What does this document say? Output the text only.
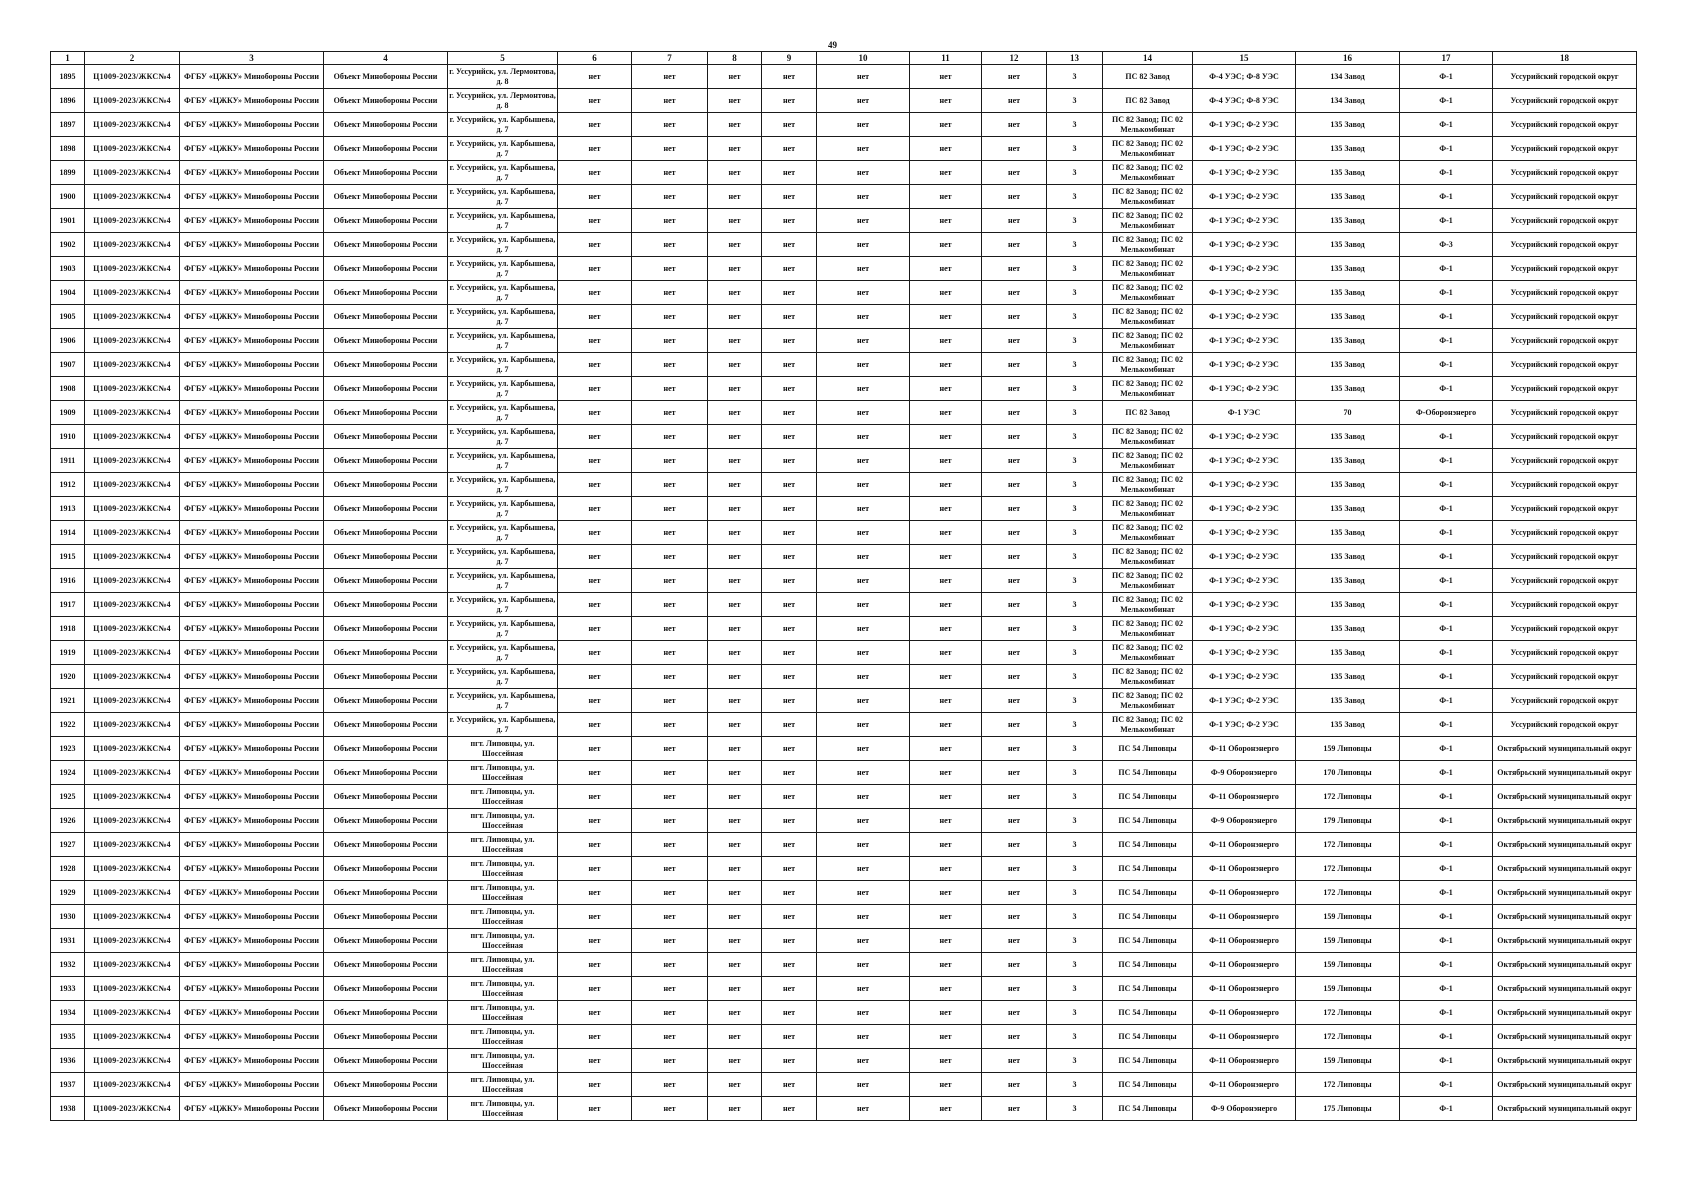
49
1	2	3	4	5	6	7	8	9	10	11	12	13	14	15	16	17	18
1895	Ц1009-2023/ЖКС№4	ФГБУ «ЦЖКУ» Минобороны России	Объект Минобороны России	г. Уссурийск, ул. Лермонтова, д. 8	нет	нет	нет	нет	нет	нет	нет	3	ПС 82 Завод	Ф-4 УЭС; Ф-8 УЭС	134 Завод	Ф-1	Уссурийский городской округ
1896	Ц1009-2023/ЖКС№4	ФГБУ «ЦЖКУ» Минобороны России	Объект Минобороны России	г. Уссурийск, ул. Лермонтова, д. 8	нет	нет	нет	нет	нет	нет	нет	3	ПС 82 Завод	Ф-4 УЭС; Ф-8 УЭС	134 Завод	Ф-1	Уссурийский городской округ
1897	Ц1009-2023/ЖКС№4	ФГБУ «ЦЖКУ» Минобороны России	Объект Минобороны России	г. Уссурийск, ул. Карбышева, д. 7	нет	нет	нет	нет	нет	нет	нет	3	ПС 82 Завод; ПС 02 Мелькомбинат	Ф-1 УЭС; Ф-2 УЭС	135 Завод	Ф-1	Уссурийский городской округ
1898	Ц1009-2023/ЖКС№4	ФГБУ «ЦЖКУ» Минобороны России	Объект Минобороны России	г. Уссурийск, ул. Карбышева, д. 7	нет	нет	нет	нет	нет	нет	нет	3	ПС 82 Завод; ПС 02 Мелькомбинат	Ф-1 УЭС; Ф-2 УЭС	135 Завод	Ф-1	Уссурийский городской округ
1899	Ц1009-2023/ЖКС№4	ФГБУ «ЦЖКУ» Минобороны России	Объект Минобороны России	г. Уссурийск, ул. Карбышева, д. 7	нет	нет	нет	нет	нет	нет	нет	3	ПС 82 Завод; ПС 02 Мелькомбинат	Ф-1 УЭС; Ф-2 УЭС	135 Завод	Ф-1	Уссурийский городской округ
1900	Ц1009-2023/ЖКС№4	ФГБУ «ЦЖКУ» Минобороны России	Объект Минобороны России	г. Уссурийск, ул. Карбышева, д. 7	нет	нет	нет	нет	нет	нет	нет	3	ПС 82 Завод; ПС 02 Мелькомбинат	Ф-1 УЭС; Ф-2 УЭС	135 Завод	Ф-1	Уссурийский городской округ
1901	Ц1009-2023/ЖКС№4	ФГБУ «ЦЖКУ» Минобороны России	Объект Минобороны России	г. Уссурийск, ул. Карбышева, д. 7	нет	нет	нет	нет	нет	нет	нет	3	ПС 82 Завод; ПС 02 Мелькомбинат	Ф-1 УЭС; Ф-2 УЭС	135 Завод	Ф-1	Уссурийский городской округ
1902	Ц1009-2023/ЖКС№4	ФГБУ «ЦЖКУ» Минобороны России	Объект Минобороны России	г. Уссурийск, ул. Карбышева, д. 7	нет	нет	нет	нет	нет	нет	нет	3	ПС 82 Завод; ПС 02 Мелькомбинат	Ф-1 УЭС; Ф-2 УЭС	135 Завод	Ф-3	Уссурийский городской округ
1903	Ц1009-2023/ЖКС№4	ФГБУ «ЦЖКУ» Минобороны России	Объект Минобороны России	г. Уссурийск, ул. Карбышева, д. 7	нет	нет	нет	нет	нет	нет	нет	3	ПС 82 Завод; ПС 02 Мелькомбинат	Ф-1 УЭС; Ф-2 УЭС	135 Завод	Ф-1	Уссурийский городской округ
1904	Ц1009-2023/ЖКС№4	ФГБУ «ЦЖКУ» Минобороны России	Объект Минобороны России	г. Уссурийск, ул. Карбышева, д. 7	нет	нет	нет	нет	нет	нет	нет	3	ПС 82 Завод; ПС 02 Мелькомбинат	Ф-1 УЭС; Ф-2 УЭС	135 Завод	Ф-1	Уссурийский городской округ
1905	Ц1009-2023/ЖКС№4	ФГБУ «ЦЖКУ» Минобороны России	Объект Минобороны России	г. Уссурийск, ул. Карбышева, д. 7	нет	нет	нет	нет	нет	нет	нет	3	ПС 82 Завод; ПС 02 Мелькомбинат	Ф-1 УЭС; Ф-2 УЭС	135 Завод	Ф-1	Уссурийский городской округ
1906	Ц1009-2023/ЖКС№4	ФГБУ «ЦЖКУ» Минобороны России	Объект Минобороны России	г. Уссурийск, ул. Карбышева, д. 7	нет	нет	нет	нет	нет	нет	нет	3	ПС 82 Завод; ПС 02 Мелькомбинат	Ф-1 УЭС; Ф-2 УЭС	135 Завод	Ф-1	Уссурийский городской округ
1907	Ц1009-2023/ЖКС№4	ФГБУ «ЦЖКУ» Минобороны России	Объект Минобороны России	г. Уссурийск, ул. Карбышева, д. 7	нет	нет	нет	нет	нет	нет	нет	3	ПС 82 Завод; ПС 02 Мелькомбинат	Ф-1 УЭС; Ф-2 УЭС	135 Завод	Ф-1	Уссурийский городской округ
1908	Ц1009-2023/ЖКС№4	ФГБУ «ЦЖКУ» Минобороны России	Объект Минобороны России	г. Уссурийск, ул. Карбышева, д. 7	нет	нет	нет	нет	нет	нет	нет	3	ПС 82 Завод; ПС 02 Мелькомбинат	Ф-1 УЭС; Ф-2 УЭС	135 Завод	Ф-1	Уссурийский городской округ
1909	Ц1009-2023/ЖКС№4	ФГБУ «ЦЖКУ» Минобороны России	Объект Минобороны России	г. Уссурийск, ул. Карбышева, д. 7	нет	нет	нет	нет	нет	нет	нет	3	ПС 82 Завод	Ф-1 УЭС	70	Ф-Оборонэнерго	Уссурийский городской округ
1910	Ц1009-2023/ЖКС№4	ФГБУ «ЦЖКУ» Минобороны России	Объект Минобороны России	г. Уссурийск, ул. Карбышева, д. 7	нет	нет	нет	нет	нет	нет	нет	3	ПС 82 Завод; ПС 02 Мелькомбинат	Ф-1 УЭС; Ф-2 УЭС	135 Завод	Ф-1	Уссурийский городской округ
1911	Ц1009-2023/ЖКС№4	ФГБУ «ЦЖКУ» Минобороны России	Объект Минобороны России	г. Уссурийск, ул. Карбышева, д. 7	нет	нет	нет	нет	нет	нет	нет	3	ПС 82 Завод; ПС 02 Мелькомбинат	Ф-1 УЭС; Ф-2 УЭС	135 Завод	Ф-1	Уссурийский городской округ
1912	Ц1009-2023/ЖКС№4	ФГБУ «ЦЖКУ» Минобороны России	Объект Минобороны России	г. Уссурийск, ул. Карбышева, д. 7	нет	нет	нет	нет	нет	нет	нет	3	ПС 82 Завод; ПС 02 Мелькомбинат	Ф-1 УЭС; Ф-2 УЭС	135 Завод	Ф-1	Уссурийский городской округ
1913	Ц1009-2023/ЖКС№4	ФГБУ «ЦЖКУ» Минобороны России	Объект Минобороны России	г. Уссурийск, ул. Карбышева, д. 7	нет	нет	нет	нет	нет	нет	нет	3	ПС 82 Завод; ПС 02 Мелькомбинат	Ф-1 УЭС; Ф-2 УЭС	135 Завод	Ф-1	Уссурийский городской округ
1914	Ц1009-2023/ЖКС№4	ФГБУ «ЦЖКУ» Минобороны России	Объект Минобороны России	г. Уссурийск, ул. Карбышева, д. 7	нет	нет	нет	нет	нет	нет	нет	3	ПС 82 Завод; ПС 02 Мелькомбинат	Ф-1 УЭС; Ф-2 УЭС	135 Завод	Ф-1	Уссурийский городской округ
1915	Ц1009-2023/ЖКС№4	ФГБУ «ЦЖКУ» Минобороны России	Объект Минобороны России	г. Уссурийск, ул. Карбышева, д. 7	нет	нет	нет	нет	нет	нет	нет	3	ПС 82 Завод; ПС 02 Мелькомбинат	Ф-1 УЭС; Ф-2 УЭС	135 Завод	Ф-1	Уссурийский городской округ
1916	Ц1009-2023/ЖКС№4	ФГБУ «ЦЖКУ» Минобороны России	Объект Минобороны России	г. Уссурийск, ул. Карбышева, д. 7	нет	нет	нет	нет	нет	нет	нет	3	ПС 82 Завод; ПС 02 Мелькомбинат	Ф-1 УЭС; Ф-2 УЭС	135 Завод	Ф-1	Уссурийский городской округ
1917	Ц1009-2023/ЖКС№4	ФГБУ «ЦЖКУ» Минобороны России	Объект Минобороны России	г. Уссурийск, ул. Карбышева, д. 7	нет	нет	нет	нет	нет	нет	нет	3	ПС 82 Завод; ПС 02 Мелькомбинат	Ф-1 УЭС; Ф-2 УЭС	135 Завод	Ф-1	Уссурийский городской округ
1918	Ц1009-2023/ЖКС№4	ФГБУ «ЦЖКУ» Минобороны России	Объект Минобороны России	г. Уссурийск, ул. Карбышева, д. 7	нет	нет	нет	нет	нет	нет	нет	3	ПС 82 Завод; ПС 02 Мелькомбинат	Ф-1 УЭС; Ф-2 УЭС	135 Завод	Ф-1	Уссурийский городской округ
1919	Ц1009-2023/ЖКС№4	ФГБУ «ЦЖКУ» Минобороны России	Объект Минобороны России	г. Уссурийск, ул. Карбышева, д. 7	нет	нет	нет	нет	нет	нет	нет	3	ПС 82 Завод; ПС 02 Мелькомбинат	Ф-1 УЭС; Ф-2 УЭС	135 Завод	Ф-1	Уссурийский городской округ
1920	Ц1009-2023/ЖКС№4	ФГБУ «ЦЖКУ» Минобороны России	Объект Минобороны России	г. Уссурийск, ул. Карбышева, д. 7	нет	нет	нет	нет	нет	нет	нет	3	ПС 82 Завод; ПС 02 Мелькомбинат	Ф-1 УЭС; Ф-2 УЭС	135 Завод	Ф-1	Уссурийский городской округ
1921	Ц1009-2023/ЖКС№4	ФГБУ «ЦЖКУ» Минобороны России	Объект Минобороны России	г. Уссурийск, ул. Карбышева, д. 7	нет	нет	нет	нет	нет	нет	нет	3	ПС 82 Завод; ПС 02 Мелькомбинат	Ф-1 УЭС; Ф-2 УЭС	135 Завод	Ф-1	Уссурийский городской округ
1922	Ц1009-2023/ЖКС№4	ФГБУ «ЦЖКУ» Минобороны России	Объект Минобороны России	г. Уссурийск, ул. Карбышева, д. 7	нет	нет	нет	нет	нет	нет	нет	3	ПС 82 Завод; ПС 02 Мелькомбинат	Ф-1 УЭС; Ф-2 УЭС	135 Завод	Ф-1	Уссурийский городской округ
1923	Ц1009-2023/ЖКС№4	ФГБУ «ЦЖКУ» Минобороны России	Объект Минобороны России	пгт. Липовцы, ул. Шоссейная	нет	нет	нет	нет	нет	нет	нет	3	ПС 54 Липовцы	Ф-11 Оборонэнерго	159 Липовцы	Ф-1	Октябрьский муниципальный округ
1924	Ц1009-2023/ЖКС№4	ФГБУ «ЦЖКУ» Минобороны России	Объект Минобороны России	пгт. Липовцы, ул. Шоссейная	нет	нет	нет	нет	нет	нет	нет	3	ПС 54 Липовцы	Ф-9 Оборонэнерго	170 Липовцы	Ф-1	Октябрьский муниципальный округ
1925	Ц1009-2023/ЖКС№4	ФГБУ «ЦЖКУ» Минобороны России	Объект Минобороны России	пгт. Липовцы, ул. Шоссейная	нет	нет	нет	нет	нет	нет	нет	3	ПС 54 Липовцы	Ф-11 Оборонэнерго	172 Липовцы	Ф-1	Октябрьский муниципальный округ
1926	Ц1009-2023/ЖКС№4	ФГБУ «ЦЖКУ» Минобороны России	Объект Минобороны России	пгт. Липовцы, ул. Шоссейная	нет	нет	нет	нет	нет	нет	нет	3	ПС 54 Липовцы	Ф-9 Оборонэнерго	179 Липовцы	Ф-1	Октябрьский муниципальный округ
1927	Ц1009-2023/ЖКС№4	ФГБУ «ЦЖКУ» Минобороны России	Объект Минобороны России	пгт. Липовцы, ул. Шоссейная	нет	нет	нет	нет	нет	нет	нет	3	ПС 54 Липовцы	Ф-11 Оборонэнерго	172 Липовцы	Ф-1	Октябрьский муниципальный округ
1928	Ц1009-2023/ЖКС№4	ФГБУ «ЦЖКУ» Минобороны России	Объект Минобороны России	пгт. Липовцы, ул. Шоссейная	нет	нет	нет	нет	нет	нет	нет	3	ПС 54 Липовцы	Ф-11 Оборонэнерго	172 Липовцы	Ф-1	Октябрьский муниципальный округ
1929	Ц1009-2023/ЖКС№4	ФГБУ «ЦЖКУ» Минобороны России	Объект Минобороны России	пгт. Липовцы, ул. Шоссейная	нет	нет	нет	нет	нет	нет	нет	3	ПС 54 Липовцы	Ф-11 Оборонэнерго	172 Липовцы	Ф-1	Октябрьский муниципальный округ
1930	Ц1009-2023/ЖКС№4	ФГБУ «ЦЖКУ» Минобороны России	Объект Минобороны России	пгт. Липовцы, ул. Шоссейная	нет	нет	нет	нет	нет	нет	нет	3	ПС 54 Липовцы	Ф-11 Оборонэнерго	159 Липовцы	Ф-1	Октябрьский муниципальный округ
1931	Ц1009-2023/ЖКС№4	ФГБУ «ЦЖКУ» Минобороны России	Объект Минобороны России	пгт. Липовцы, ул. Шоссейная	нет	нет	нет	нет	нет	нет	нет	3	ПС 54 Липовцы	Ф-11 Оборонэнерго	159 Липовцы	Ф-1	Октябрьский муниципальный округ
1932	Ц1009-2023/ЖКС№4	ФГБУ «ЦЖКУ» Минобороны России	Объект Минобороны России	пгт. Липовцы, ул. Шоссейная	нет	нет	нет	нет	нет	нет	нет	3	ПС 54 Липовцы	Ф-11 Оборонэнерго	159 Липовцы	Ф-1	Октябрьский муниципальный округ
1933	Ц1009-2023/ЖКС№4	ФГБУ «ЦЖКУ» Минобороны России	Объект Минобороны России	пгт. Липовцы, ул. Шоссейная	нет	нет	нет	нет	нет	нет	нет	3	ПС 54 Липовцы	Ф-11 Оборонэнерго	159 Липовцы	Ф-1	Октябрьский муниципальный округ
1934	Ц1009-2023/ЖКС№4	ФГБУ «ЦЖКУ» Минобороны России	Объект Минобороны России	пгт. Липовцы, ул. Шоссейная	нет	нет	нет	нет	нет	нет	нет	3	ПС 54 Липовцы	Ф-11 Оборонэнерго	172 Липовцы	Ф-1	Октябрьский муниципальный округ
1935	Ц1009-2023/ЖКС№4	ФГБУ «ЦЖКУ» Минобороны России	Объект Минобороны России	пгт. Липовцы, ул. Шоссейная	нет	нет	нет	нет	нет	нет	нет	3	ПС 54 Липовцы	Ф-11 Оборонэнерго	172 Липовцы	Ф-1	Октябрьский муниципальный округ
1936	Ц1009-2023/ЖКС№4	ФГБУ «ЦЖКУ» Минобороны России	Объект Минобороны России	пгт. Липовцы, ул. Шоссейная	нет	нет	нет	нет	нет	нет	нет	3	ПС 54 Липовцы	Ф-11 Оборонэнерго	159 Липовцы	Ф-1	Октябрьский муниципальный округ
1937	Ц1009-2023/ЖКС№4	ФГБУ «ЦЖКУ» Минобороны России	Объект Минобороны России	пгт. Липовцы, ул. Шоссейная	нет	нет	нет	нет	нет	нет	нет	3	ПС 54 Липовцы	Ф-11 Оборонэнерго	172 Липовцы	Ф-1	Октябрьский муниципальный округ
1938	Ц1009-2023/ЖКС№4	ФГБУ «ЦЖКУ» Минобороны России	Объект Минобороны России	пгт. Липовцы, ул. Шоссейная	нет	нет	нет	нет	нет	нет	нет	3	ПС 54 Липовцы	Ф-9 Оборонэнерго	175 Липовцы	Ф-1	Октябрьский муниципальный округ
